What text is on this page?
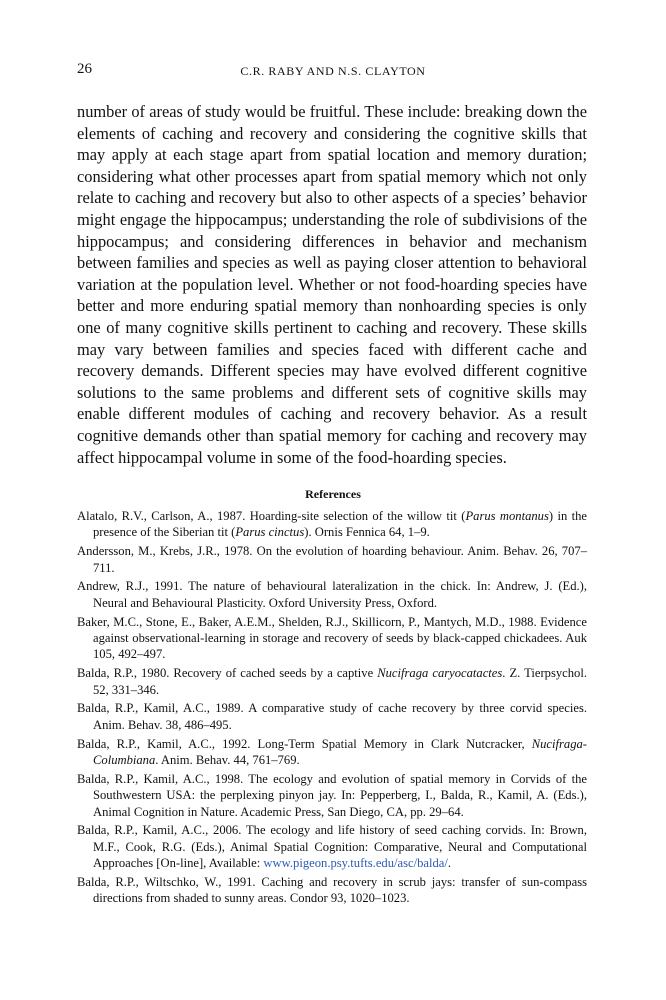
26	C.R. RABY AND N.S. CLAYTON

number of areas of study would be fruitful. These include: breaking down the elements of caching and recovery and considering the cognitive skills that may apply at each stage apart from spatial location and memory duration; considering what other processes apart from spatial memory which not only relate to caching and recovery but also to other aspects of a species’ behavior might engage the hippocampus; understanding the role of subdivisions of the hippocampus; and considering differences in behavior and mechanism between families and species as well as paying closer attention to behavioral variation at the population level. Whether or not food-hoarding species have better and more enduring spatial memory than nonhoarding species is only one of many cognitive skills pertinent to caching and recovery. These skills may vary between families and species faced with different cache and recovery demands. Different species may have evolved different cognitive solutions to the same problems and different sets of cognitive skills may enable different modules of caching and recovery behavior. As a result cognitive demands other than spatial memory for caching and recovery may affect hippocampal volume in some of the food-hoarding species.

References
Alatalo, R.V., Carlson, A., 1987. Hoarding-site selection of the willow tit (Parus montanus) in the presence of the Siberian tit (Parus cinctus). Ornis Fennica 64, 1–9.
Andersson, M., Krebs, J.R., 1978. On the evolution of hoarding behaviour. Anim. Behav. 26, 707–711.
Andrew, R.J., 1991. The nature of behavioural lateralization in the chick. In: Andrew, J. (Ed.), Neural and Behavioural Plasticity. Oxford University Press, Oxford.
Baker, M.C., Stone, E., Baker, A.E.M., Shelden, R.J., Skillicorn, P., Mantych, M.D., 1988. Evidence against observational-learning in storage and recovery of seeds by black-capped chickadees. Auk 105, 492–497.
Balda, R.P., 1980. Recovery of cached seeds by a captive Nucifraga caryocatactes. Z. Tierpsychol. 52, 331–346.
Balda, R.P., Kamil, A.C., 1989. A comparative study of cache recovery by three corvid species. Anim. Behav. 38, 486–495.
Balda, R.P., Kamil, A.C., 1992. Long-Term Spatial Memory in Clark Nutcracker, Nucifraga-Columbiana. Anim. Behav. 44, 761–769.
Balda, R.P., Kamil, A.C., 1998. The ecology and evolution of spatial memory in Corvids of the Southwestern USA: the perplexing pinyon jay. In: Pepperberg, I., Balda, R., Kamil, A. (Eds.), Animal Cognition in Nature. Academic Press, San Diego, CA, pp. 29–64.
Balda, R.P., Kamil, A.C., 2006. The ecology and life history of seed caching corvids. In: Brown, M.F., Cook, R.G. (Eds.), Animal Spatial Cognition: Comparative, Neural and Computational Approaches [On-line], Available: www.pigeon.psy.tufts.edu/asc/balda/.
Balda, R.P., Wiltschko, W., 1991. Caching and recovery in scrub jays: transfer of sun-compass directions from shaded to sunny areas. Condor 93, 1020–1023.
